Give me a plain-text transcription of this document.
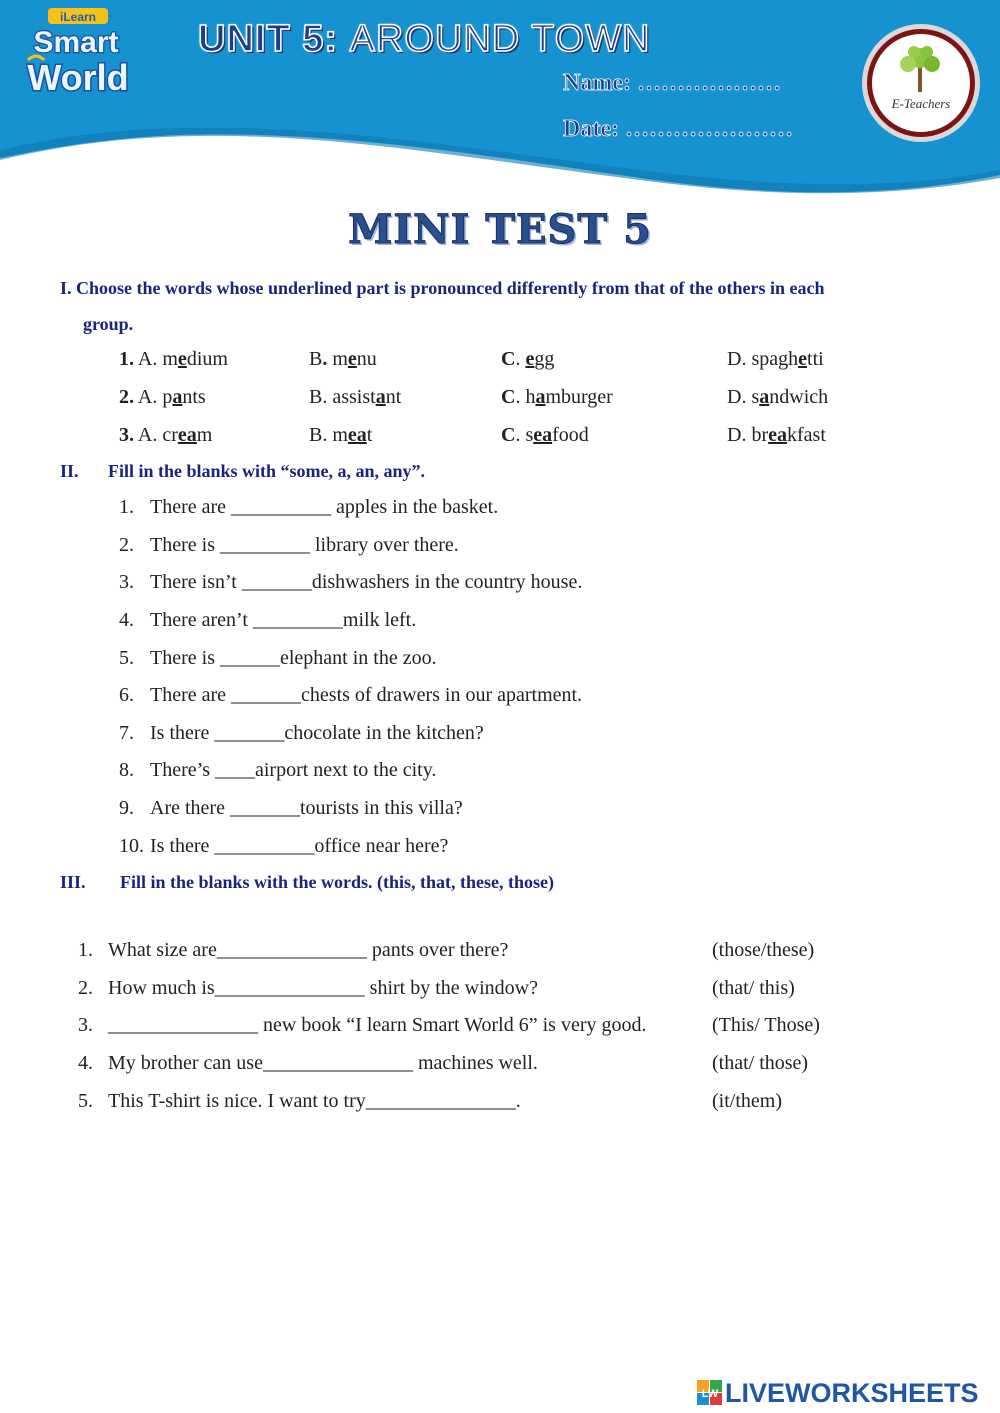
iLearn
Smart
World
UNIT 5: AROUND TOWN
Name: ………………
Date: …………………
E-Teachers
MINI TEST 5
I. Choose the words whose underlined part is pronounced differently from that of the others in each
group.
1. A. medium	B. menu	C. egg	D. spaghetti
2. A. pants	B. assistant	C. hamburger	D. sandwich
3. A. cream	B. meat	C. seafood	D. breakfast
II. Fill in the blanks with “some, a, an, any”.
1. There are __________ apples in the basket.
2. There is _________ library over there.
3. There isn’t _______dishwashers in the country house.
4. There aren’t _________milk left.
5. There is ______elephant in the zoo.
6. There are _______chests of drawers in our apartment.
7. Is there _______chocolate in the kitchen?
8. There’s ____airport next to the city.
9. Are there _______tourists in this villa?
10. Is there __________office near here?
III. Fill in the blanks with the words. (this, that, these, those)
1. What size are_______________ pants over there?	(those/these)
2. How much is_______________ shirt by the window?	(that/ this)
3. _______________ new book “I learn Smart World 6” is very good.	(This/ Those)
4. My brother can use_______________ machines well.	(that/ those)
5. This T-shirt is nice. I want to try_______________.	(it/them)
LW LIVEWORKSHEETS
